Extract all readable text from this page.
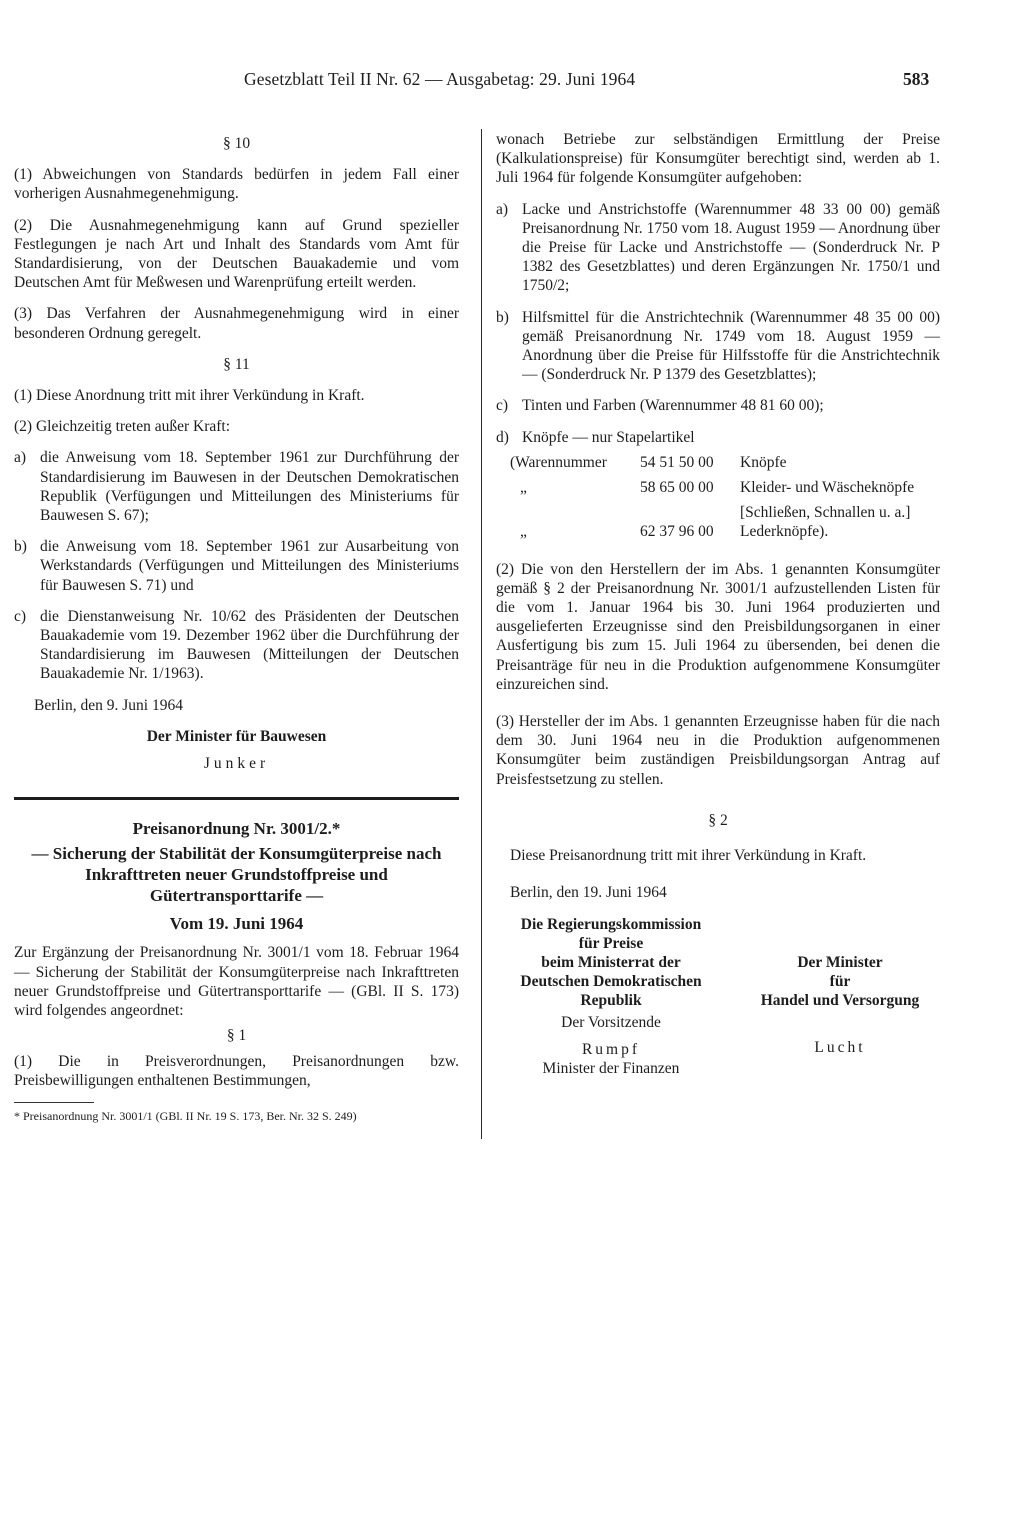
Gesetzblatt Teil II Nr. 62 — Ausgabetag: 29. Juni 1964	583

§ 10

(1) Abweichungen von Standards bedürfen in jedem Fall einer vorherigen Ausnahmegenehmigung.

(2) Die Ausnahmegenehmigung kann auf Grund spezieller Festlegungen je nach Art und Inhalt des Standards vom Amt für Standardisierung, von der Deutschen Bauakademie und vom Deutschen Amt für Meßwesen und Warenprüfung erteilt werden.

(3) Das Verfahren der Ausnahmegenehmigung wird in einer besonderen Ordnung geregelt.

§ 11

(1) Diese Anordnung tritt mit ihrer Verkündung in Kraft.

(2) Gleichzeitig treten außer Kraft:

a) die Anweisung vom 18. September 1961 zur Durchführung der Standardisierung im Bauwesen in der Deutschen Demokratischen Republik (Verfügungen und Mitteilungen des Ministeriums für Bauwesen S. 67);
b) die Anweisung vom 18. September 1961 zur Ausarbeitung von Werkstandards (Verfügungen und Mitteilungen des Ministeriums für Bauwesen S. 71) und
c) die Dienstanweisung Nr. 10/62 des Präsidenten der Deutschen Bauakademie vom 19. Dezember 1962 über die Durchführung der Standardisierung im Bauwesen (Mitteilungen der Deutschen Bauakademie Nr. 1/1963).

Berlin, den 9. Juni 1964

Der Minister für Bauwesen

Junker

Preisanordnung Nr. 3001/2.*

— Sicherung der Stabilität der Konsumgüterpreise nach Inkrafttreten neuer Grundstoffpreise und Gütertransporttarife —

Vom 19. Juni 1964

Zur Ergänzung der Preisanordnung Nr. 3001/1 vom 18. Februar 1964 — Sicherung der Stabilität der Konsumgüterpreise nach Inkrafttreten neuer Grundstoffpreise und Gütertransporttarife — (GBl. II S. 173) wird folgendes angeordnet:

§ 1

(1) Die in Preisverordnungen, Preisanordnungen bzw. Preisbewilligungen enthaltenen Bestimmungen,

* Preisanordnung Nr. 3001/1 (GBl. II Nr. 19 S. 173, Ber. Nr. 32 S. 249)

wonach Betriebe zur selbständigen Ermittlung der Preise (Kalkulationspreise) für Konsumgüter berechtigt sind, werden ab 1. Juli 1964 für folgende Konsumgüter aufgehoben:

a) Lacke und Anstrichstoffe (Warennummer 48 33 00 00) gemäß Preisanordnung Nr. 1750 vom 18. August 1959 — Anordnung über die Preise für Lacke und Anstrichstoffe — (Sonderdruck Nr. P 1382 des Gesetzblattes) und deren Ergänzungen Nr. 1750/1 und 1750/2;
b) Hilfsmittel für die Anstrichtechnik (Warennummer 48 35 00 00) gemäß Preisanordnung Nr. 1749 vom 18. August 1959 — Anordnung über die Preise für Hilfsstoffe für die Anstrichtechnik — (Sonderdruck Nr. P 1379 des Gesetzblattes);
c) Tinten und Farben (Warennummer 48 81 60 00);
d) Knöpfe — nur Stapelartikel
(Warennummer	54 51 50 00	Knöpfe
„	58 65 00 00	Kleider- und Wäscheknöpfe
[Schließen, Schnallen u. a.]
„	62 37 96 00	Lederknöpfe).

(2) Die von den Herstellern der im Abs. 1 genannten Konsumgüter gemäß § 2 der Preisanordnung Nr. 3001/1 aufzustellenden Listen für die vom 1. Januar 1964 bis 30. Juni 1964 produzierten und ausgelieferten Erzeugnisse sind den Preisbildungsorganen in einer Ausfertigung bis zum 15. Juli 1964 zu übersenden, bei denen die Preisanträge für neu in die Produktion aufgenommene Konsumgüter einzureichen sind.

(3) Hersteller der im Abs. 1 genannten Erzeugnisse haben für die nach dem 30. Juni 1964 neu in die Produktion aufgenommenen Konsumgüter beim zuständigen Preisbildungsorgan Antrag auf Preisfestsetzung zu stellen.

§ 2

Diese Preisanordnung tritt mit ihrer Verkündung in Kraft.

Berlin, den 19. Juni 1964

Die Regierungskommission
für Preise
beim Ministerrat der
Deutschen Demokratischen
Republik
Der Vorsitzende
Rumpf
Minister der Finanzen
Der Minister
für
Handel und Versorgung
Lucht
